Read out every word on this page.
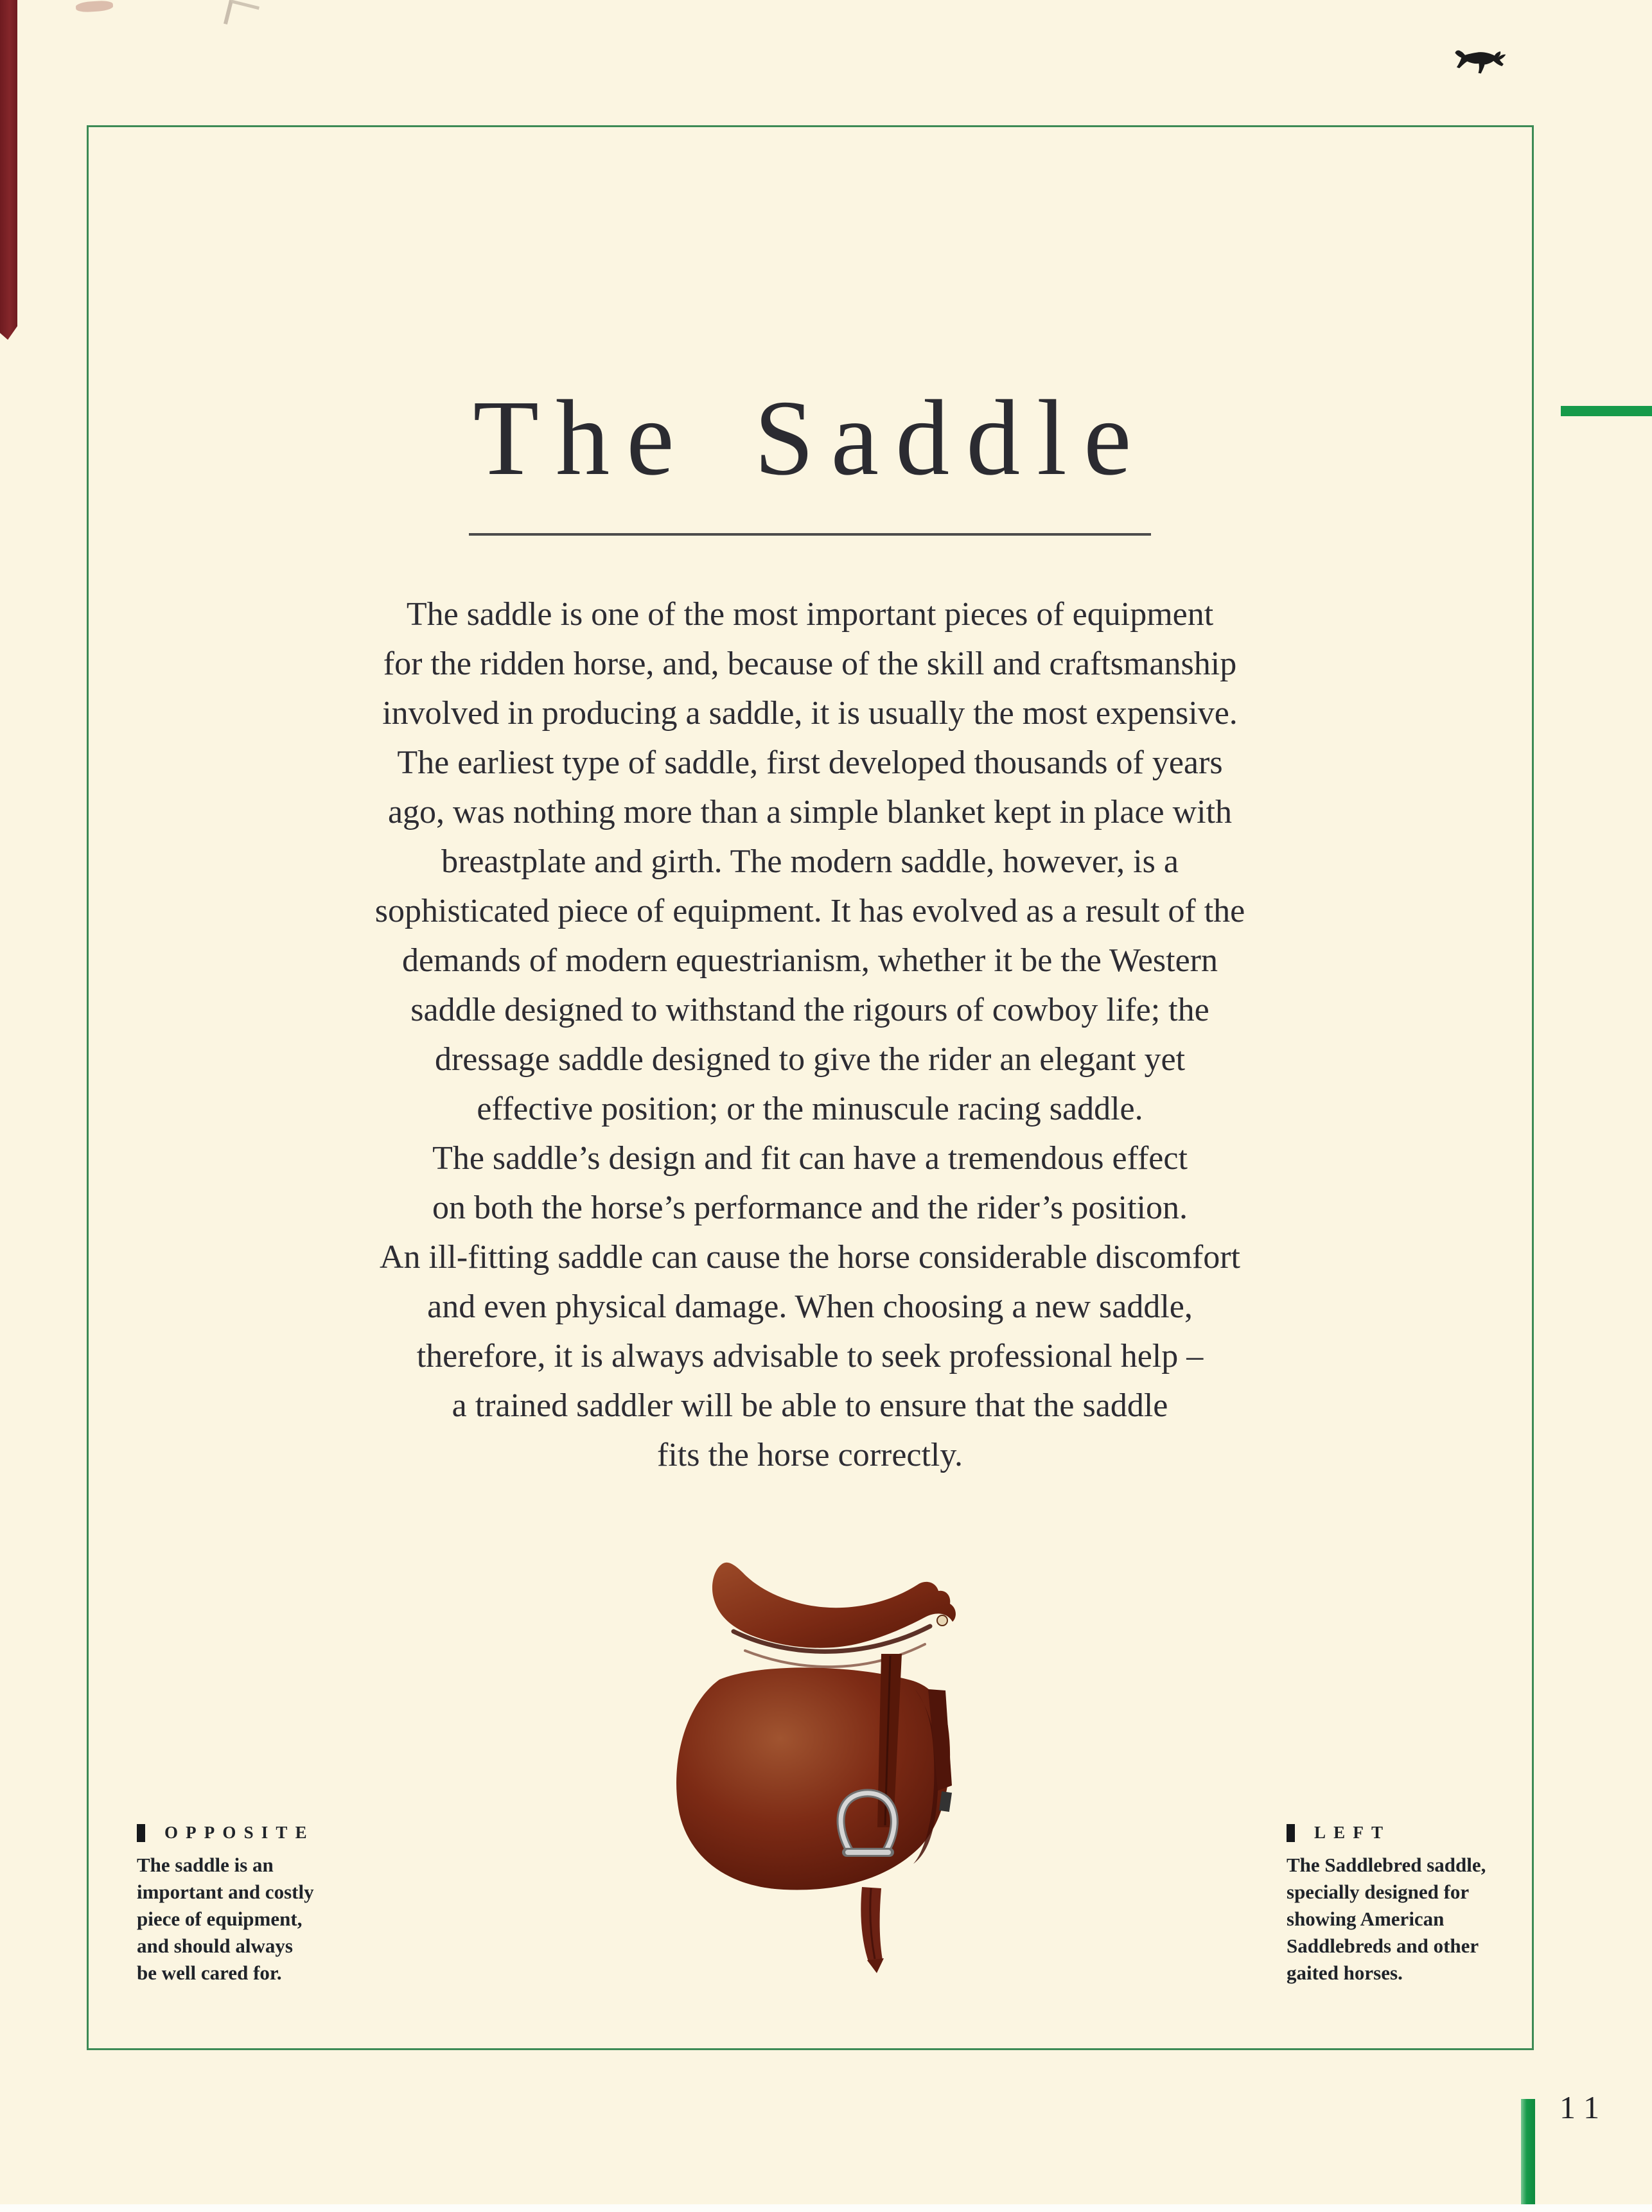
The Saddle
The saddle is one of the most important pieces of equipment
for the ridden horse, and, because of the skill and craftsmanship
involved in producing a saddle, it is usually the most expensive.
The earliest type of saddle, first developed thousands of years
ago, was nothing more than a simple blanket kept in place with
breastplate and girth. The modern saddle, however, is a
sophisticated piece of equipment. It has evolved as a result of the
demands of modern equestrianism, whether it be the Western
saddle designed to withstand the rigours of cowboy life; the
dressage saddle designed to give the rider an elegant yet
effective position; or the minuscule racing saddle.
The saddle’s design and fit can have a tremendous effect
on both the horse’s performance and the rider’s position.
An ill-fitting saddle can cause the horse considerable discomfort
and even physical damage. When choosing a new saddle,
therefore, it is always advisable to seek professional help –
a trained saddler will be able to ensure that the saddle
fits the horse correctly.
OPPOSITE
The saddle is an
important and costly
piece of equipment,
and should always
be well cared for.
LEFT
The Saddlebred saddle,
specially designed for
showing American
Saddlebreds and other
gaited horses.
11
